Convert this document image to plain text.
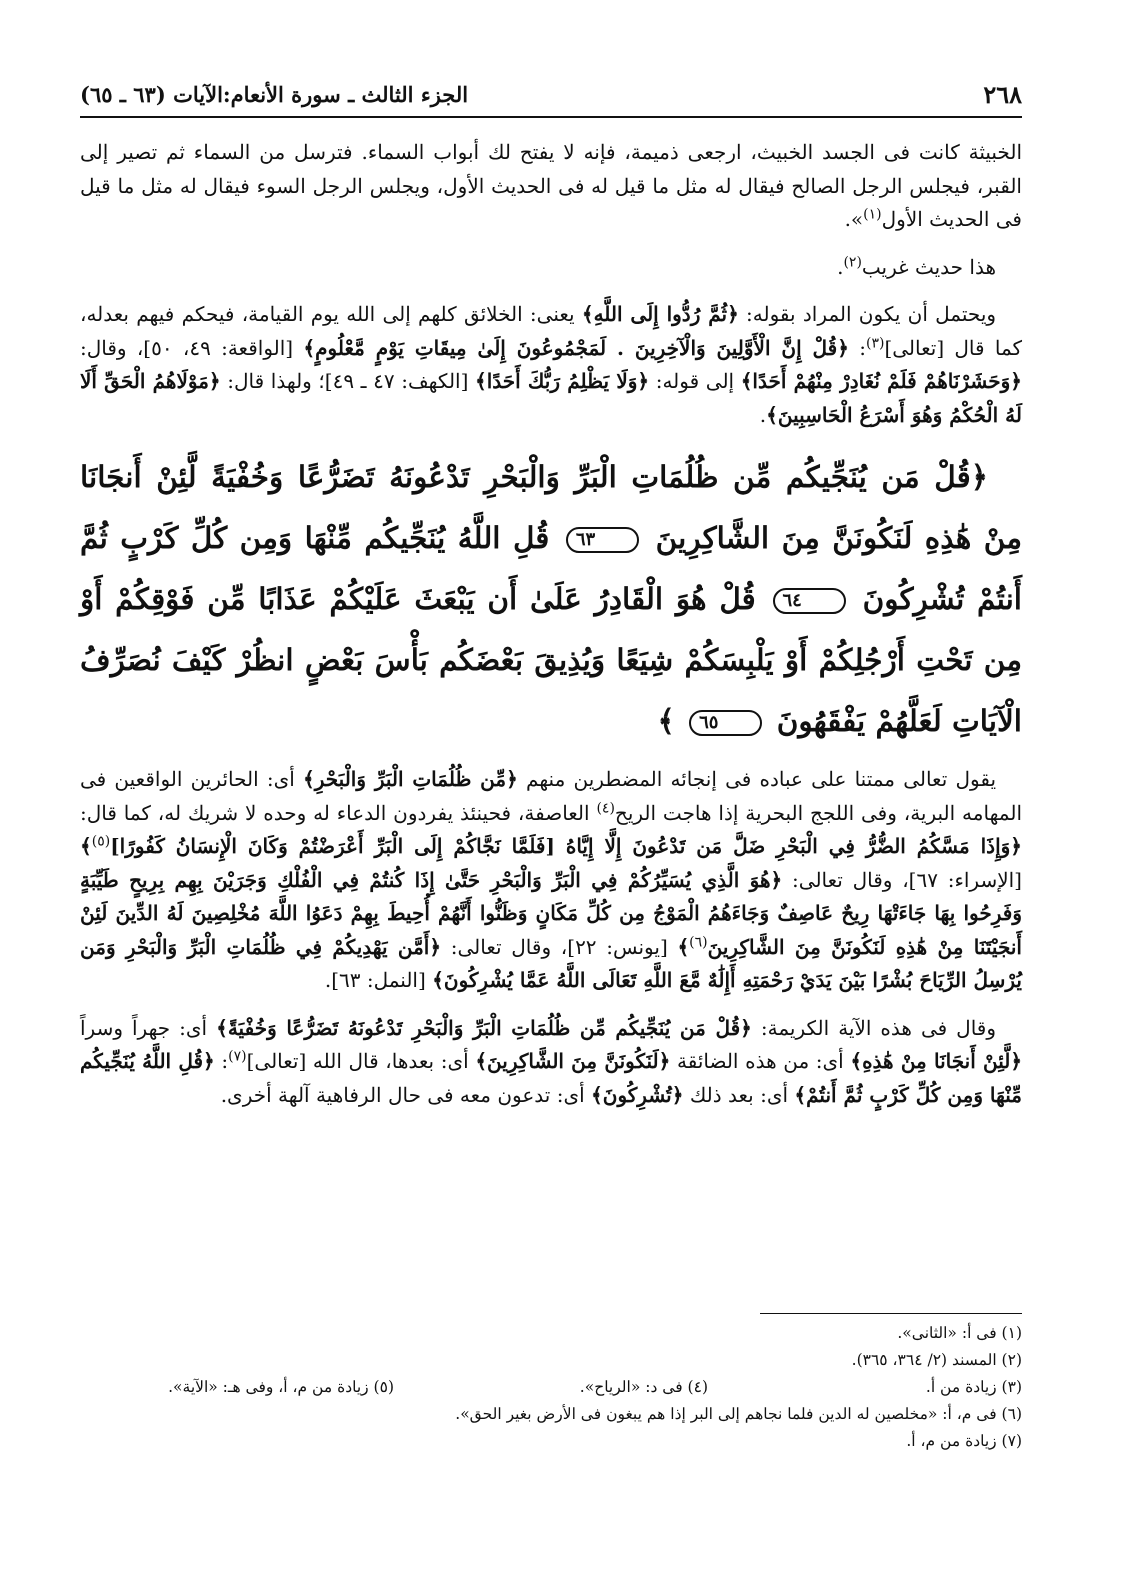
٢٦٨
الجزء الثالث ـ سورة الأنعام:الآيات (٦٣ ـ ٦٥)

الخبيثة كانت فى الجسد الخبيث، ارجعى ذميمة، فإنه لا يفتح لك أبواب السماء. فترسل من السماء ثم تصير إلى القبر، فيجلس الرجل الصالح فيقال له مثل ما قيل له فى الحديث الأول، ويجلس الرجل السوء فيقال له مثل ما قيل فى الحديث الأول$^{(١)}$».

هذا حديث غريب$^{(٢)}$.

ويحتمل أن يكون المراد بقوله: ﴿ثُمَّ رُدُّوا إِلَى اللَّهِ﴾ يعنى: الخلائق كلهم إلى الله يوم القيامة، فيحكم فيهم بعدله، كما قال [تعالى]$^{(٣)}$: ﴿قُلْ إِنَّ الْأَوَّلِينَ وَالْآخِرِينَ . لَمَجْمُوعُونَ إِلَىٰ مِيقَاتِ يَوْمٍ مَّعْلُومٍ﴾ [الواقعة: ٤٩، ٥٠]، وقال: ﴿وَحَشَرْنَاهُمْ فَلَمْ نُغَادِرْ مِنْهُمْ أَحَدًا﴾ إلى قوله: ﴿وَلَا يَظْلِمُ رَبُّكَ أَحَدًا﴾ [الكهف: ٤٧ ـ ٤٩]؛ ولهذا قال: ﴿مَوْلَاهُمُ الْحَقِّ أَلَا لَهُ الْحُكْمُ وَهُوَ أَسْرَعُ الْحَاسِبِينَ﴾.

﴿قُلْ مَن يُنَجِّيكُم مِّن ظُلُمَاتِ الْبَرِّ وَالْبَحْرِ تَدْعُونَهُ تَضَرُّعًا وَخُفْيَةً لَّئِنْ أَنجَانَا مِنْ هَٰذِهِ لَنَكُونَنَّ مِنَ الشَّاكِرِينَ ٦٣ قُلِ اللَّهُ يُنَجِّيكُم مِّنْهَا وَمِن كُلِّ كَرْبٍ ثُمَّ أَنتُمْ تُشْرِكُونَ ٦٤ قُلْ هُوَ الْقَادِرُ عَلَىٰ أَن يَبْعَثَ عَلَيْكُمْ عَذَابًا مِّن فَوْقِكُمْ أَوْ مِن تَحْتِ أَرْجُلِكُمْ أَوْ يَلْبِسَكُمْ شِيَعًا وَيُذِيقَ بَعْضَكُم بَأْسَ بَعْضٍ انظُرْ كَيْفَ نُصَرِّفُ الْآيَاتِ لَعَلَّهُمْ يَفْقَهُونَ ٦٥ ﴾

يقول تعالى ممتنا على عباده فى إنجائه المضطرين منهم ﴿مِّن ظُلُمَاتِ الْبَرِّ وَالْبَحْرِ﴾ أى: الحائرين الواقعين فى المهامه البرية، وفى اللجج البحرية إذا هاجت الريح$^{(٤)}$ العاصفة، فحينئذ يفردون الدعاء له وحده لا شريك له، كما قال: ﴿وَإِذَا مَسَّكُمُ الضُّرُّ فِي الْبَحْرِ ضَلَّ مَن تَدْعُونَ إِلَّا إِيَّاهُ [فَلَمَّا نَجَّاكُمْ إِلَى الْبَرِّ أَعْرَضْتُمْ وَكَانَ الْإِنسَانُ كَفُورًا]$^{(٥)}$﴾ [الإسراء: ٦٧]، وقال تعالى: ﴿هُوَ الَّذِي يُسَيِّرُكُمْ فِي الْبَرِّ وَالْبَحْرِ حَتَّىٰ إِذَا كُنتُمْ فِي الْفُلْكِ وَجَرَيْنَ بِهِم بِرِيحٍ طَيِّبَةٍ وَفَرِحُوا بِهَا جَاءَتْهَا رِيحٌ عَاصِفٌ وَجَاءَهُمُ الْمَوْجُ مِن كُلِّ مَكَانٍ وَظَنُّوا أَنَّهُمْ أُحِيطَ بِهِمْ دَعَوُا اللَّهَ مُخْلِصِينَ لَهُ الدِّينَ لَئِنْ أَنجَيْتَنَا مِنْ هَٰذِهِ لَنَكُونَنَّ مِنَ الشَّاكِرِينَ$^{(٦)}$﴾ [يونس: ٢٢]، وقال تعالى: ﴿أَمَّن يَهْدِيكُمْ فِي ظُلُمَاتِ الْبَرِّ وَالْبَحْرِ وَمَن يُرْسِلُ الرِّيَاحَ بُشْرًا بَيْنَ يَدَيْ رَحْمَتِهِ أَإِلَٰهٌ مَّعَ اللَّهِ تَعَالَى اللَّهُ عَمَّا يُشْرِكُونَ﴾ [النمل: ٦٣].

وقال فى هذه الآية الكريمة: ﴿قُلْ مَن يُنَجِّيكُم مِّن ظُلُمَاتِ الْبَرِّ وَالْبَحْرِ تَدْعُونَهُ تَضَرُّعًا وَخُفْيَةً﴾ أى: جهراً وسراً ﴿لَّئِنْ أَنجَانَا مِنْ هَٰذِهِ﴾ أى: من هذه الضائقة ﴿لَنَكُونَنَّ مِنَ الشَّاكِرِينَ﴾ أى: بعدها، قال الله [تعالى]$^{(٧)}$: ﴿قُلِ اللَّهُ يُنَجِّيكُم مِّنْهَا وَمِن كُلِّ كَرْبٍ ثُمَّ أَنتُمْ﴾ أى: بعد ذلك ﴿تُشْرِكُونَ﴾ أى: تدعون معه فى حال الرفاهية آلهة أخرى.

(١) فى أ: «الثانى».
(٢) المسند (٢/ ٣٦٤، ٣٦٥).
(٣) زيادة من أ.
(٤) فى د: «الرياح».
(٥) زيادة من م، أ، وفى هـ: «الآية».
(٦) فى م، أ: «مخلصين له الدين فلما نجاهم إلى البر إذا هم يبغون فى الأرض بغير الحق».
(٧) زيادة من م، أ.
